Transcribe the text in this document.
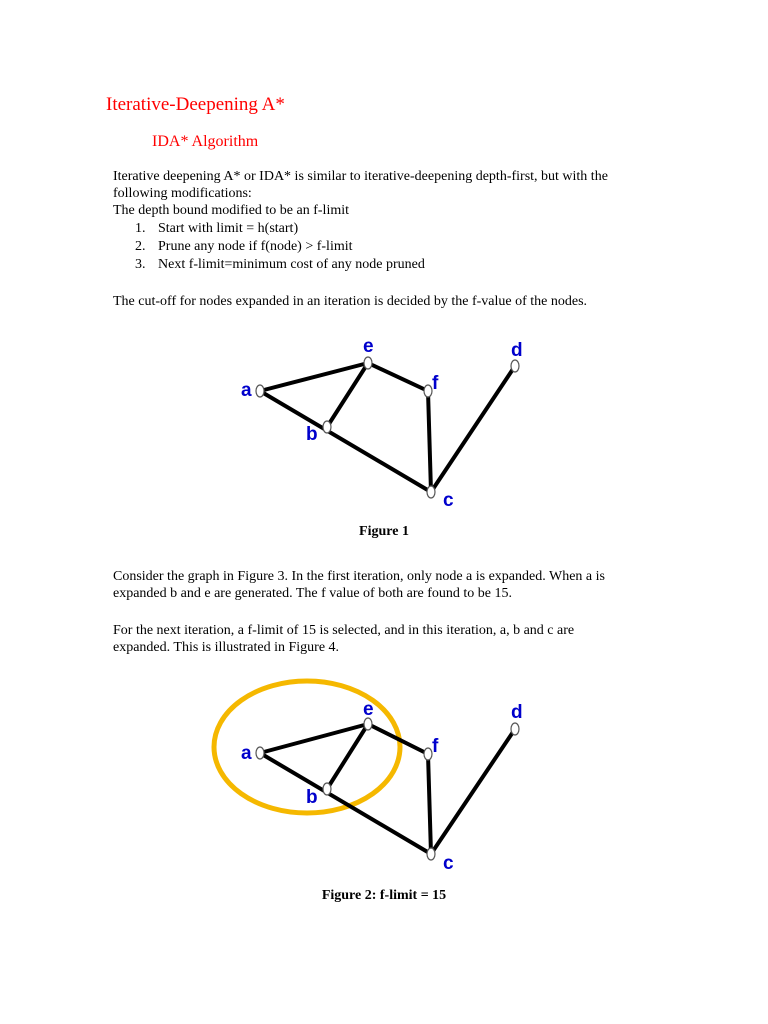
Iterative-Deepening A*
IDA* Algorithm
Iterative deepening A* or IDA* is similar to iterative-deepening depth-first, but with the
following modifications:
The depth bound modified to be an f-limit
1. Start with limit = h(start)
2. Prune any node if f(node) > f-limit
3. Next f-limit=minimum cost of any node pruned
The cut-off for nodes expanded in an iteration is decided by the f-value of the nodes.
a
b
c
d
e
f
Figure 1
Consider the graph in Figure 3. In the first iteration, only node a is expanded. When a is
expanded b and e are generated. The f value of both are found to be 15.
For the next iteration, a f-limit of 15 is selected, and in this iteration, a, b and c are
expanded. This is illustrated in Figure 4.
a
b
c
d
e
f
Figure 2: f-limit = 15
